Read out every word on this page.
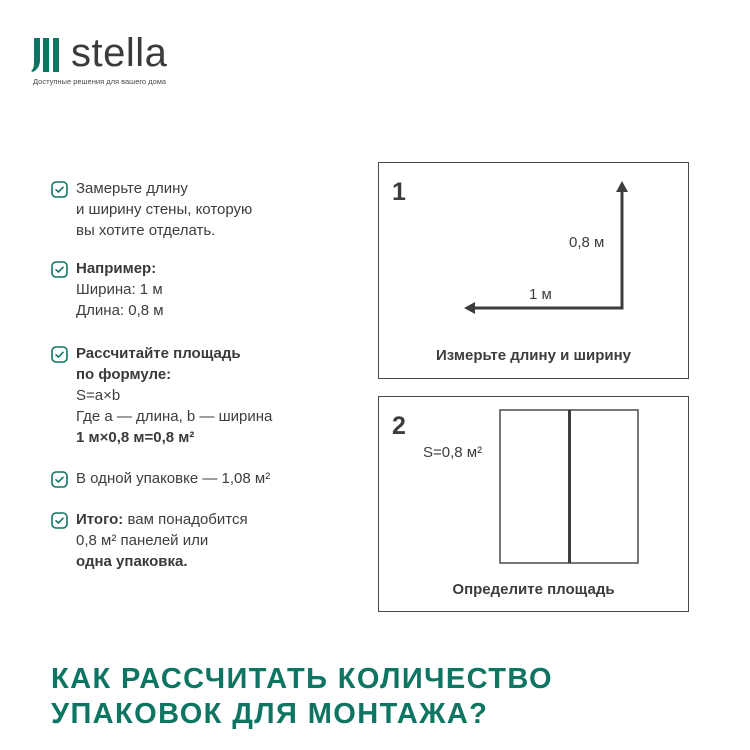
stella
Доступные решения для вашего дома
Замерьте длину
и ширину стены, которую
вы хотите отделать.
Например:
Ширина: 1 м
Длина: 0,8 м
Рассчитайте площадь
по формуле:
S=a×b
Где a — длина, b — ширина
1 м×0,8 м=0,8 м²
В одной упаковке — 1,08 м²
Итого: вам понадобится
0,8 м² панелей или
одна упаковка.
1
0,8 м
1 м
Измерьте длину и ширину
2
S=0,8 м²
Определите площадь
КАК РАССЧИТАТЬ КОЛИЧЕСТВО
УПАКОВОК ДЛЯ МОНТАЖА?
